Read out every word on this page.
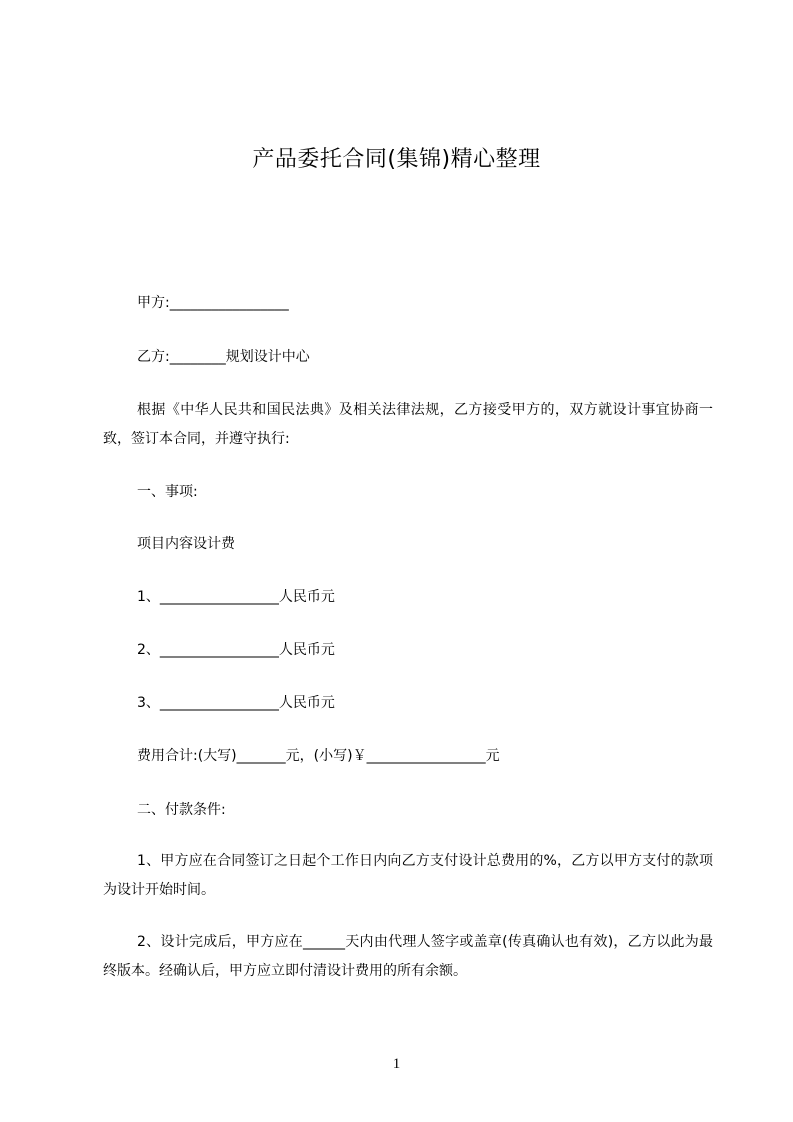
产品委托合同(集锦)精心整理
甲方:_________________
乙方:________规划设计中心
根据《中华人民共和国民法典》及相关法律法规，乙方接受甲方的，双方就设计事宜协商一致，签订本合同，并遵守执行:
一、事项:
项目内容设计费
1、_________________人民币元
2、_________________人民币元
3、_________________人民币元
费用合计:(大写)_______元，(小写)￥_________________元
二、付款条件:
1、甲方应在合同签订之日起个工作日内向乙方支付设计总费用的%，乙方以甲方支付的款项为设计开始时间。
2、设计完成后，甲方应在______天内由代理人签字或盖章(传真确认也有效)，乙方以此为最终版本。经确认后，甲方应立即付清设计费用的所有余额。
1
